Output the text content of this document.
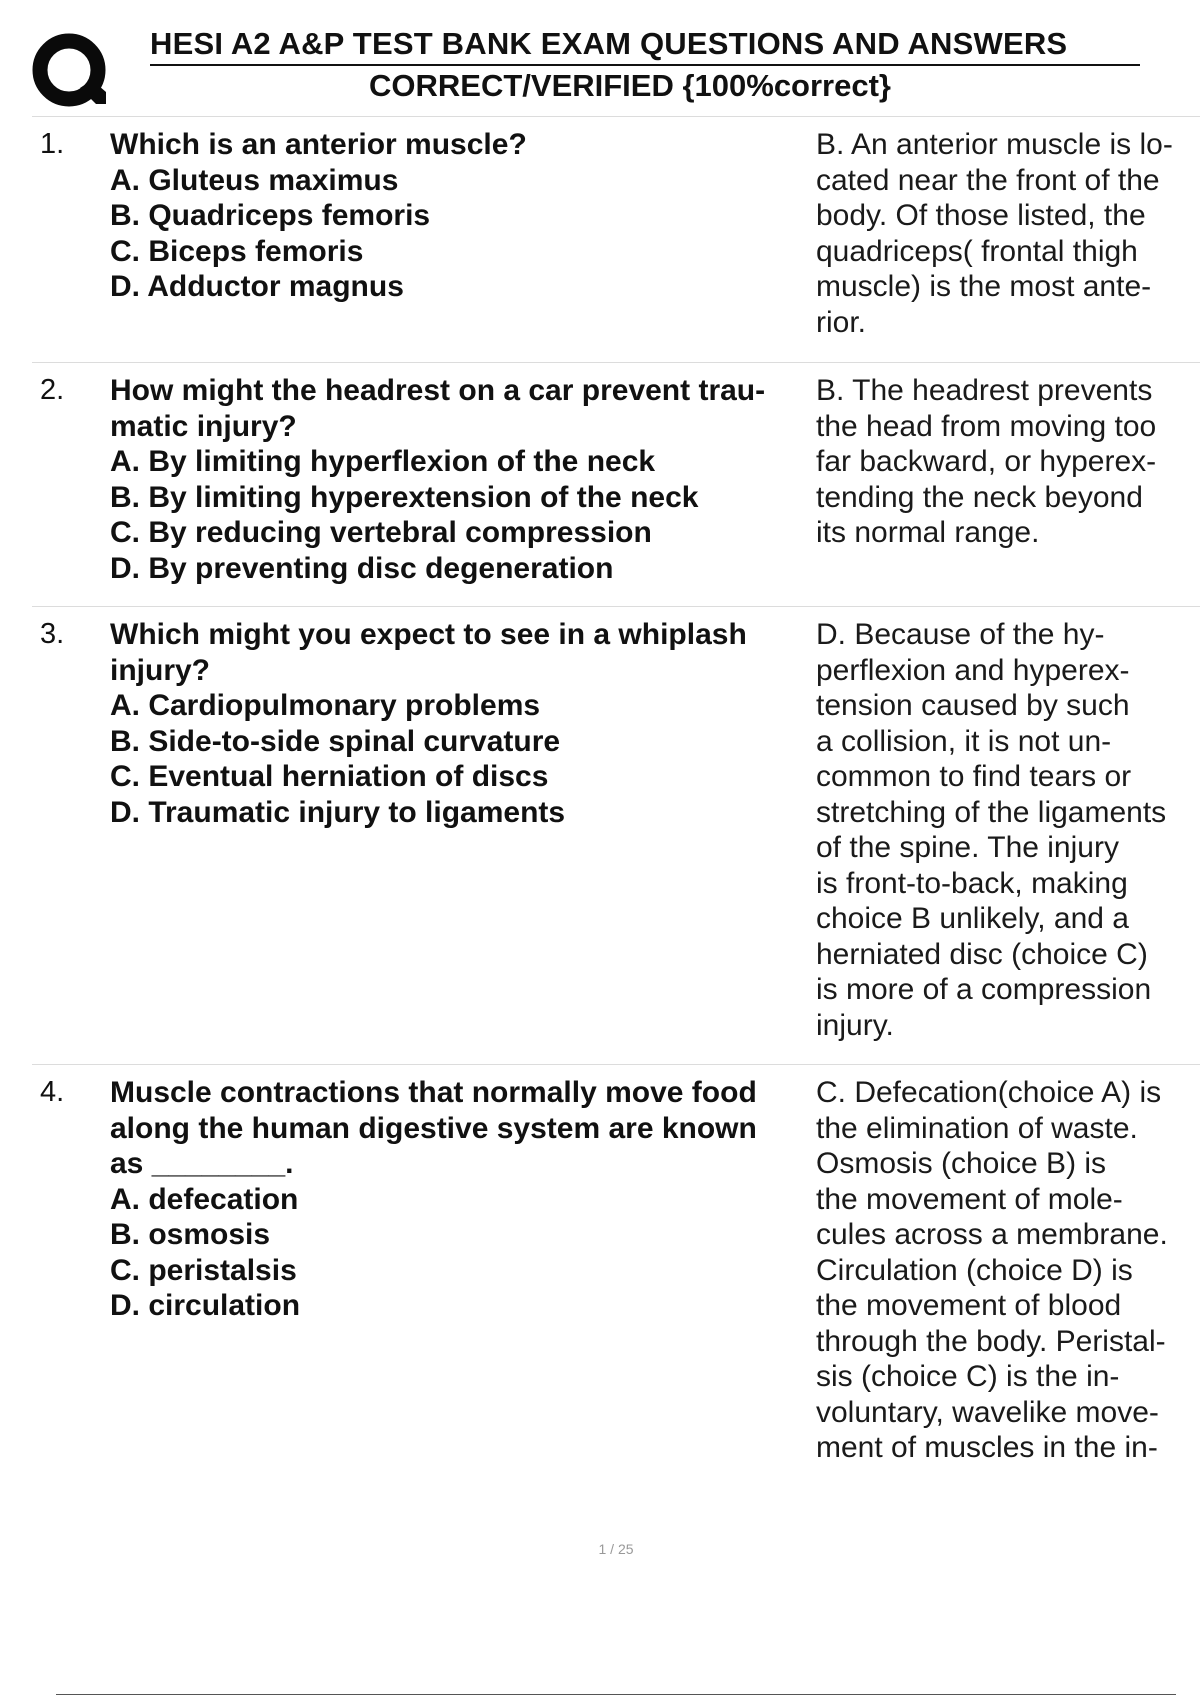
HESI A2 A&P TEST BANK EXAM QUESTIONS AND ANSWERS
CORRECT/VERIFIED {100%correct}
1. Which is an anterior muscle?
A. Gluteus maximus
B. Quadriceps femoris
C. Biceps femoris
D. Adductor magnus
B. An anterior muscle is lo-
cated near the front of the
body. Of those listed, the
quadriceps( frontal thigh
muscle) is the most ante-
rior.
2. How might the headrest on a car prevent trau-
matic injury?
A. By limiting hyperflexion of the neck
B. By limiting hyperextension of the neck
C. By reducing vertebral compression
D. By preventing disc degeneration
B. The headrest prevents
the head from moving too
far backward, or hyperex-
tending the neck beyond
its normal range.
3. Which might you expect to see in a whiplash
injury?
A. Cardiopulmonary problems
B. Side-to-side spinal curvature
C. Eventual herniation of discs
D. Traumatic injury to ligaments
D. Because of the hy-
perflexion and hyperex-
tension caused by such
a collision, it is not un-
common to find tears or
stretching of the ligaments
of the spine. The injury
is front-to-back, making
choice B unlikely, and a
herniated disc (choice C)
is more of a compression
injury.
4. Muscle contractions that normally move food
along the human digestive system are known
as ________.
A. defecation
B. osmosis
C. peristalsis
D. circulation
C. Defecation(choice A) is
the elimination of waste.
Osmosis (choice B) is
the movement of mole-
cules across a membrane.
Circulation (choice D) is
the movement of blood
through the body. Peristal-
sis (choice C) is the in-
voluntary, wavelike move-
ment of muscles in the in-
1 / 25
